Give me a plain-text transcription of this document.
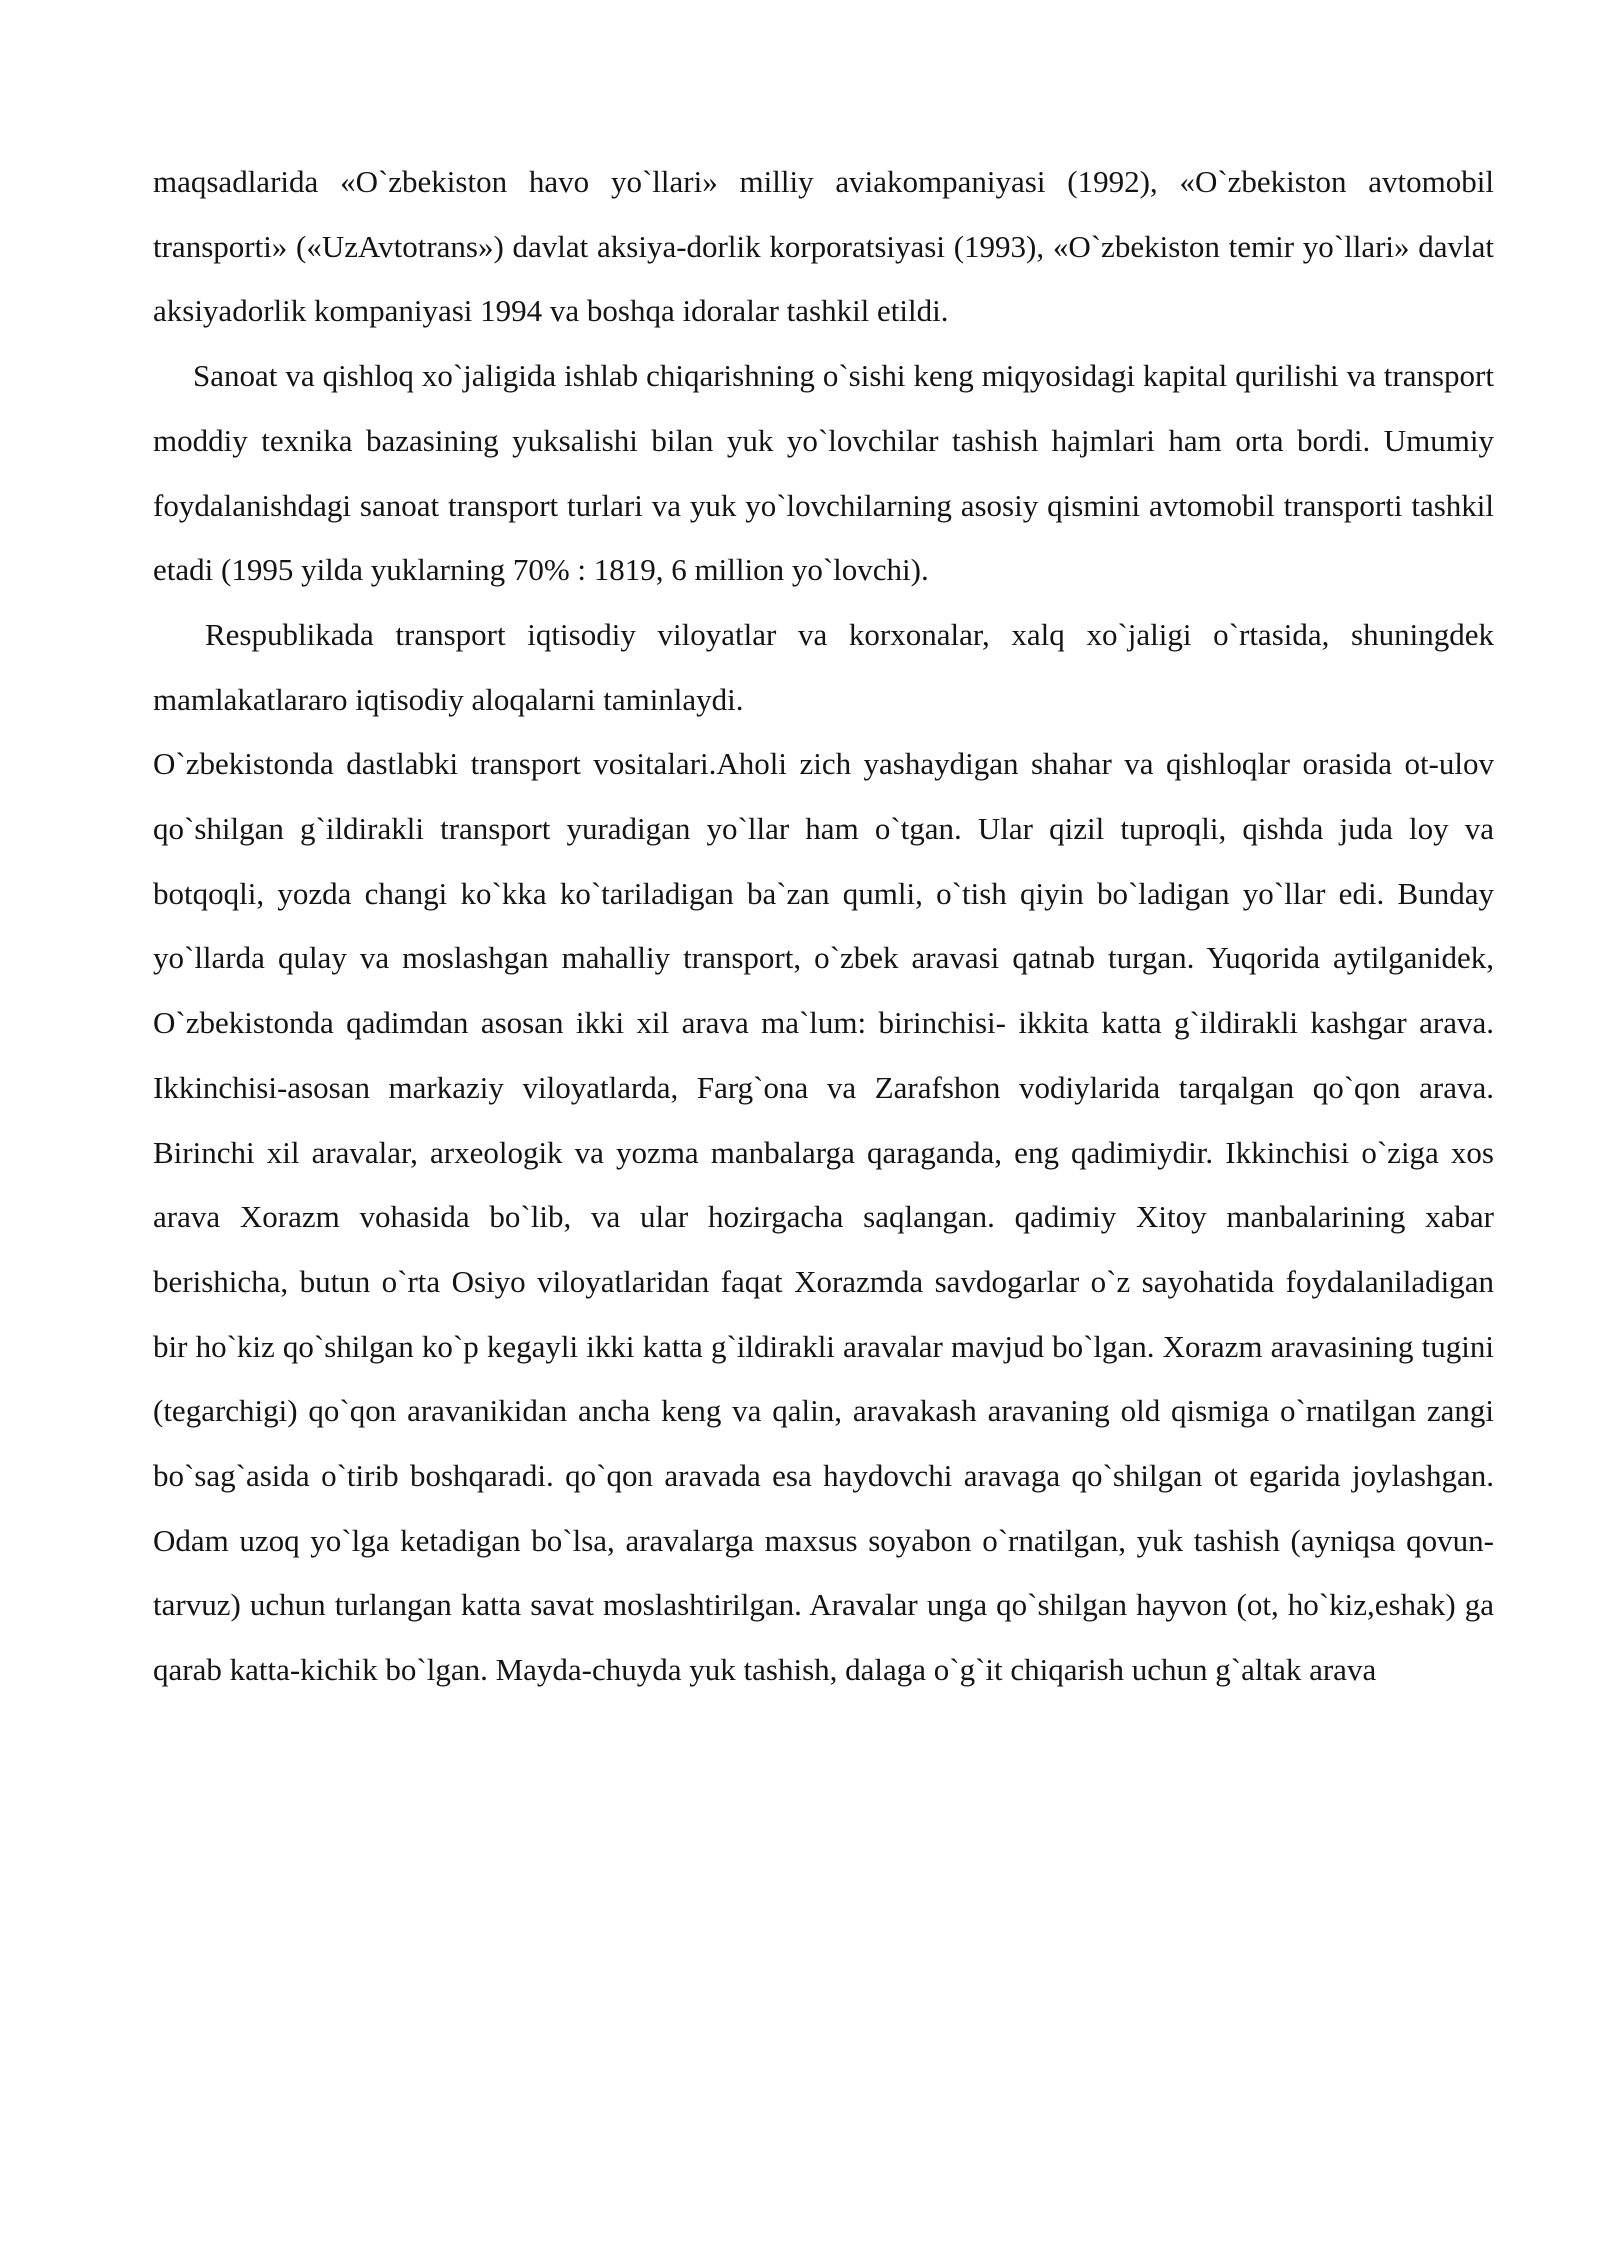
maqsadlarida «O`zbekiston havo yo`llari» milliy aviakompaniyasi (1992), «O`zbekiston avtomobil transporti» («UzAvtotrans») davlat aksiya-dorlik korporatsiyasi (1993), «O`zbekiston temir yo`llari» davlat aksiyadorlik kompaniyasi 1994 va boshqa idoralar tashkil etildi.

Sanoat va qishloq xo`jaligida ishlab chiqarishning o`sishi keng miqyosidagi kapital qurilishi va transport moddiy texnika bazasining yuksalishi bilan yuk yo`lovchilar tashish hajmlari ham orta bordi. Umumiy foydalanishdagi sanoat transport turlari va yuk yo`lovchilarning asosiy qismini avtomobil transporti tashkil etadi (1995 yilda yuklarning 70% : 1819, 6 million yo`lovchi).

Respublikada transport iqtisodiy viloyatlar va korxonalar, xalq xo`jaligi o`rtasida, shuningdek mamlakatlararo iqtisodiy aloqalarni taminlaydi.

O`zbekistonda dastlabki transport vositalari.Aholi zich yashaydigan shahar va qishloqlar orasida ot-ulov qo`shilgan g`ildirakli transport yuradigan yo`llar ham o`tgan. Ular qizil tuproqli, qishda juda loy va botqoqli, yozda changi ko`kka ko`tariladigan ba`zan qumli, o`tish qiyin bo`ladigan yo`llar edi. Bunday yo`llarda qulay va moslashgan mahalliy transport, o`zbek aravasi qatnab turgan. Yuqorida aytilganidek, O`zbekistonda qadimdan asosan ikki xil arava ma`lum: birinchisi- ikkita katta g`ildirakli kashgar arava. Ikkinchisi-asosan markaziy viloyatlarda, Farg`ona va Zarafshon vodiylarida tarqalgan qo`qon arava. Birinchi xil aravalar, arxeologik va yozma manbalarga qaraganda, eng qadimiydir. Ikkinchisi o`ziga xos arava Xorazm vohasida bo`lib, va ular hozirgacha saqlangan. qadimiy Xitoy manbalarining xabar berishicha, butun o`rta Osiyo viloyatlaridan faqat Xorazmda savdogarlar o`z sayohatida foydalaniladigan bir ho`kiz qo`shilgan ko`p kegayli ikki katta g`ildirakli aravalar mavjud bo`lgan. Xorazm aravasining tugini (tegarchigi) qo`qon aravanikidan ancha keng va qalin, aravakash aravaning old qismiga o`rnatilgan zangi bo`sag`asida o`tirib boshqaradi. qo`qon aravada esa haydovchi aravaga qo`shilgan ot egarida joylashgan. Odam uzoq yo`lga ketadigan bo`lsa, aravalarga maxsus soyabon o`rnatilgan, yuk tashish (ayniqsa qovun-tarvuz) uchun turlangan katta savat moslashtirilgan. Aravalar unga qo`shilgan hayvon (ot, ho`kiz,eshak) ga qarab katta-kichik bo`lgan. Mayda-chuyda yuk tashish, dalaga o`g`it chiqarish uchun g`altak arava
